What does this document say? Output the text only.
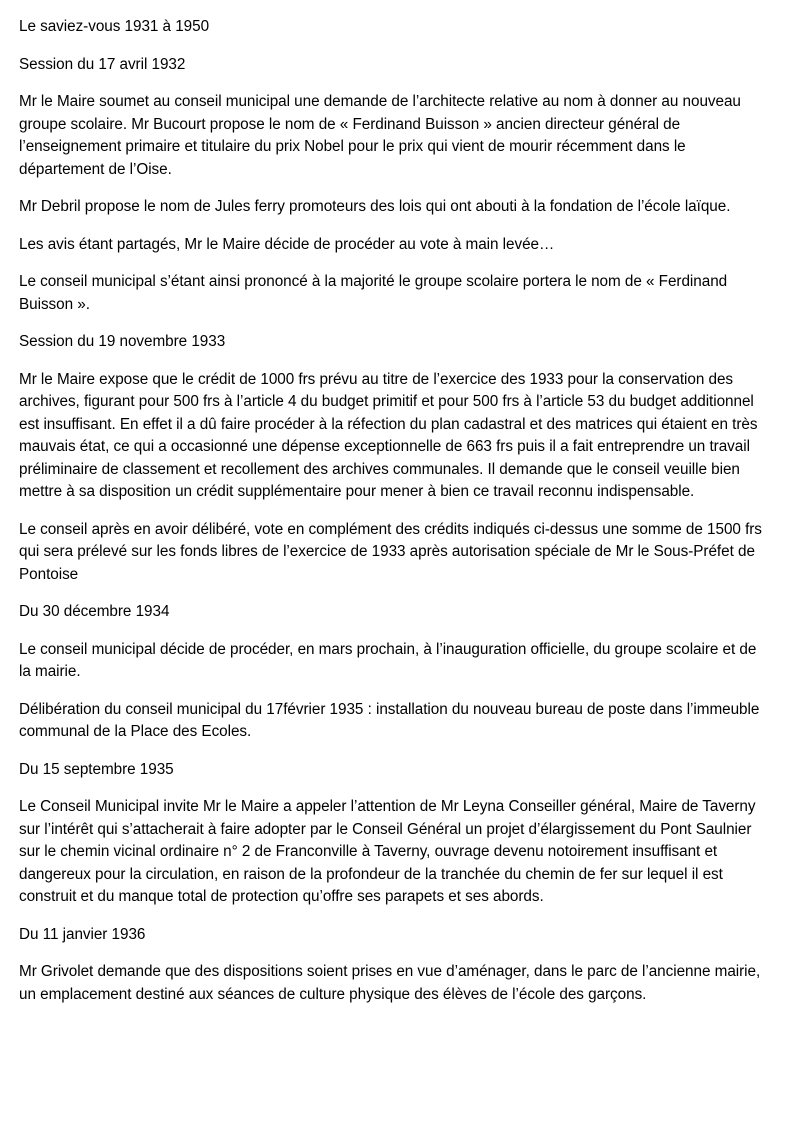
Le saviez-vous 1931 à 1950

Session du 17 avril 1932

Mr le Maire soumet au conseil municipal une demande de l’architecte relative au nom à donner au nouveau groupe scolaire. Mr Bucourt propose le nom de « Ferdinand Buisson » ancien directeur général de l’enseignement primaire et titulaire du prix Nobel pour le prix qui vient de mourir récemment dans le département de l’Oise.

Mr Debril propose le nom de Jules ferry promoteurs des lois qui ont abouti à la fondation de l’école laïque.

Les avis étant partagés, Mr le Maire décide de procéder au vote à main levée…

Le conseil municipal s’étant ainsi prononcé à la majorité le groupe scolaire portera le nom de « Ferdinand Buisson ».

Session du 19 novembre 1933

Mr le Maire expose que le crédit de 1000 frs prévu au titre de l’exercice des 1933 pour la conservation des archives, figurant pour 500 frs à l’article 4 du budget primitif et pour 500 frs à l’article 53 du budget additionnel est insuffisant. En effet il a dû faire procéder à la réfection du plan cadastral et des matrices qui étaient en très mauvais état, ce qui a occasionné une dépense exceptionnelle de 663 frs puis il a fait entreprendre un travail préliminaire de classement et recollement des archives communales. Il demande que le conseil veuille bien mettre à sa disposition un crédit supplémentaire pour mener à bien ce travail reconnu indispensable.

Le conseil après en avoir délibéré, vote en complément des crédits indiqués ci-dessus une somme de 1500 frs qui sera prélevé sur les fonds libres de l’exercice de 1933 après autorisation spéciale de Mr le Sous-Préfet de Pontoise

Du 30 décembre 1934

Le conseil municipal décide de procéder, en mars prochain, à l’inauguration officielle, du groupe scolaire et de la mairie.

Délibération du conseil municipal du 17février 1935 : installation du nouveau bureau de poste dans l’immeuble communal de la Place des Ecoles.

Du 15 septembre 1935

Le Conseil Municipal invite Mr le Maire a appeler l’attention de Mr Leyna Conseiller général, Maire de Taverny sur l’intérêt qui s’attacherait à faire adopter par le Conseil Général un projet d’élargissement du Pont Saulnier sur le chemin vicinal ordinaire n° 2 de Franconville à Taverny, ouvrage devenu notoirement insuffisant et dangereux pour la circulation, en raison de la profondeur de la tranchée du chemin de fer sur lequel il est construit et du manque total de protection qu’offre ses parapets et ses abords.

Du 11 janvier 1936

Mr Grivolet demande que des dispositions soient prises en vue d’aménager, dans le parc de l’ancienne mairie, un emplacement destiné aux séances de culture physique des élèves de l’école des garçons.
